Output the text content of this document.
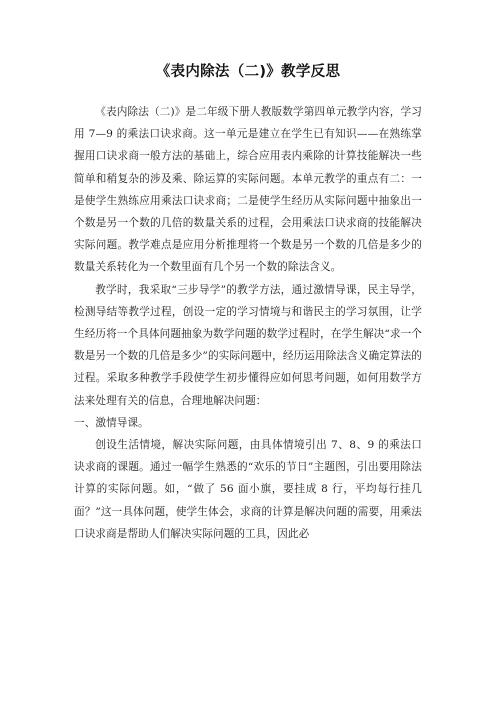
《表内除法（二)》教学反思

《表内除法（二)》是二年级下册人教版数学第四单元教学内容，学习用 7—9 的乘法口诀求商。这一单元是建立在学生已有知识——在熟练掌握用口诀求商一般方法的基础上，综合应用表内乘除的计算技能解决一些简单和稍复杂的涉及乘、除运算的实际问题。本单元教学的重点有二：一是使学生熟练应用乘法口诀求商；二是使学生经历从实际问题中抽象出一个数是另一个数的几倍的数量关系的过程，会用乘法口诀求商的技能解决实际问题。教学难点是应用分析推理将一个数是另一个数的几倍是多少的数量关系转化为一个数里面有几个另一个数的除法含义。

教学时，我采取“三步导学”的教学方法，通过激情导课，民主导学，检测导结等教学过程，创设一定的学习情境与和谐民主的学习氛围，让学生经历将一个具体问题抽象为数学问题的数学过程时，在学生解决“求一个数是另一个数的几倍是多少”的实际问题中，经历运用除法含义确定算法的过程。采取多种教学手段使学生初步懂得应如何思考问题，如何用数学方法来处理有关的信息，合理地解决问题：

一、激情导课。

创设生活情境，解决实际问题，由具体情境引出 7、8、9 的乘法口诀求商的课题。通过一幅学生熟悉的“欢乐的节日”主题图，引出要用除法计算的实际问题。如，“做了 56 面小旗，要挂成 8 行，平均每行挂几面？”这一具体问题，使学生体会，求商的计算是解决问题的需要，用乘法口诀求商是帮助人们解决实际问题的工具，因此必
